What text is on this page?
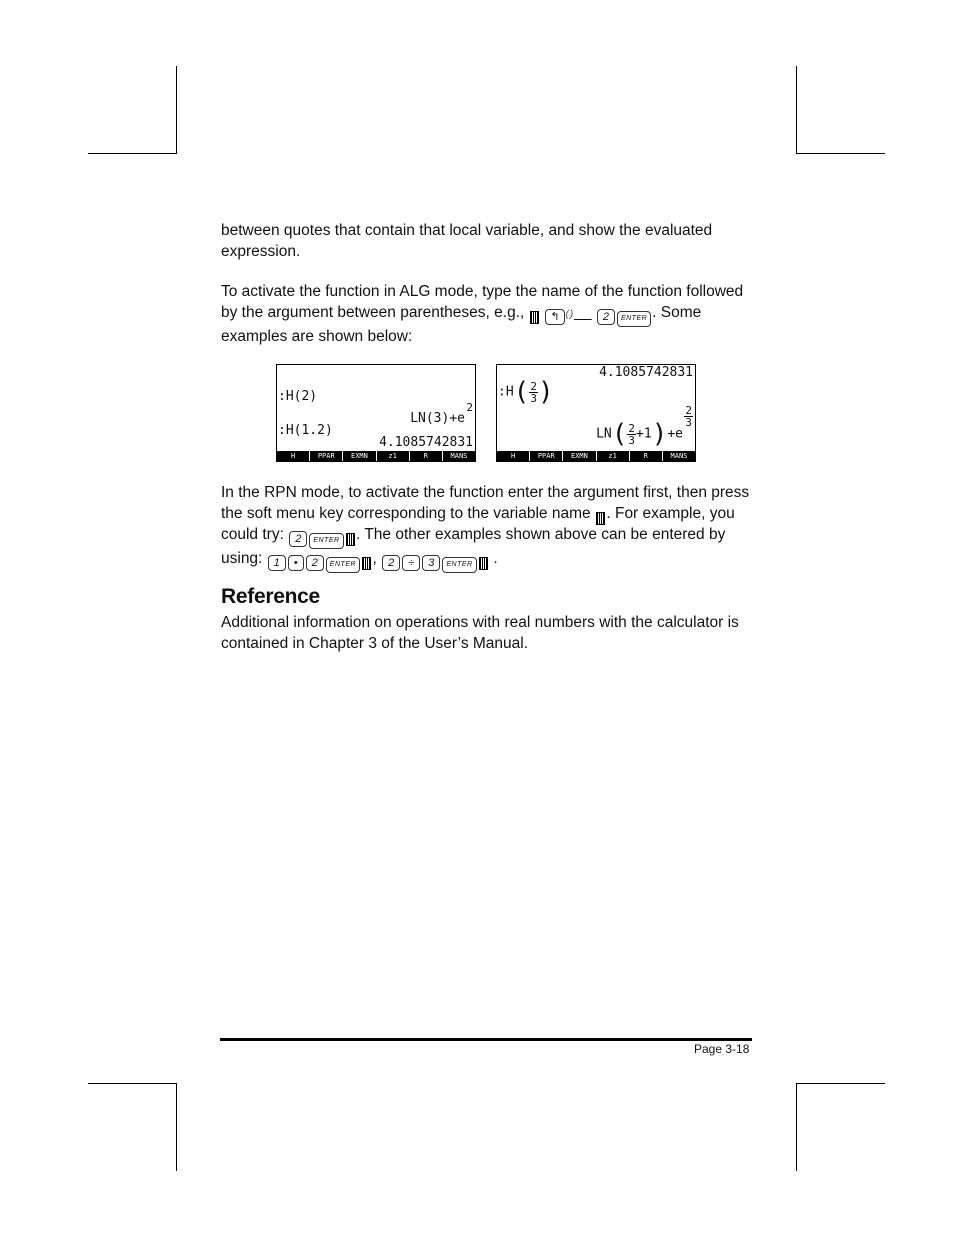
between quotes that contain that local variable, and show the evaluated expression.

To activate the function in ALG mode, type the name of the function followed by the argument between parentheses, e.g.,  ↰ ()__ 2 ENTER . Some examples are shown below:

:H(2)
LN(3)+e
2
:H(1.2)
4.1085742831
H	PPAR	EXMN	z1	R	MANS
4.1085742831
:H( $\frac{2}{3}$ )
$LN( \frac{2}{3} +1)+e$
$\frac{2}{3}$
H	PPAR	EXMN	z1	R	MANS

In the RPN mode, to activate the function enter the argument first, then press the soft menu key corresponding to the variable name . For example, you could try: 2 ENTER . The other examples shown above can be entered by using: 1 • 2 ENTER , 2 ÷ 3 ENTER .

Reference

Additional information on operations with real numbers with the calculator is contained in Chapter 3 of the User’s Manual.

Page 3-18
